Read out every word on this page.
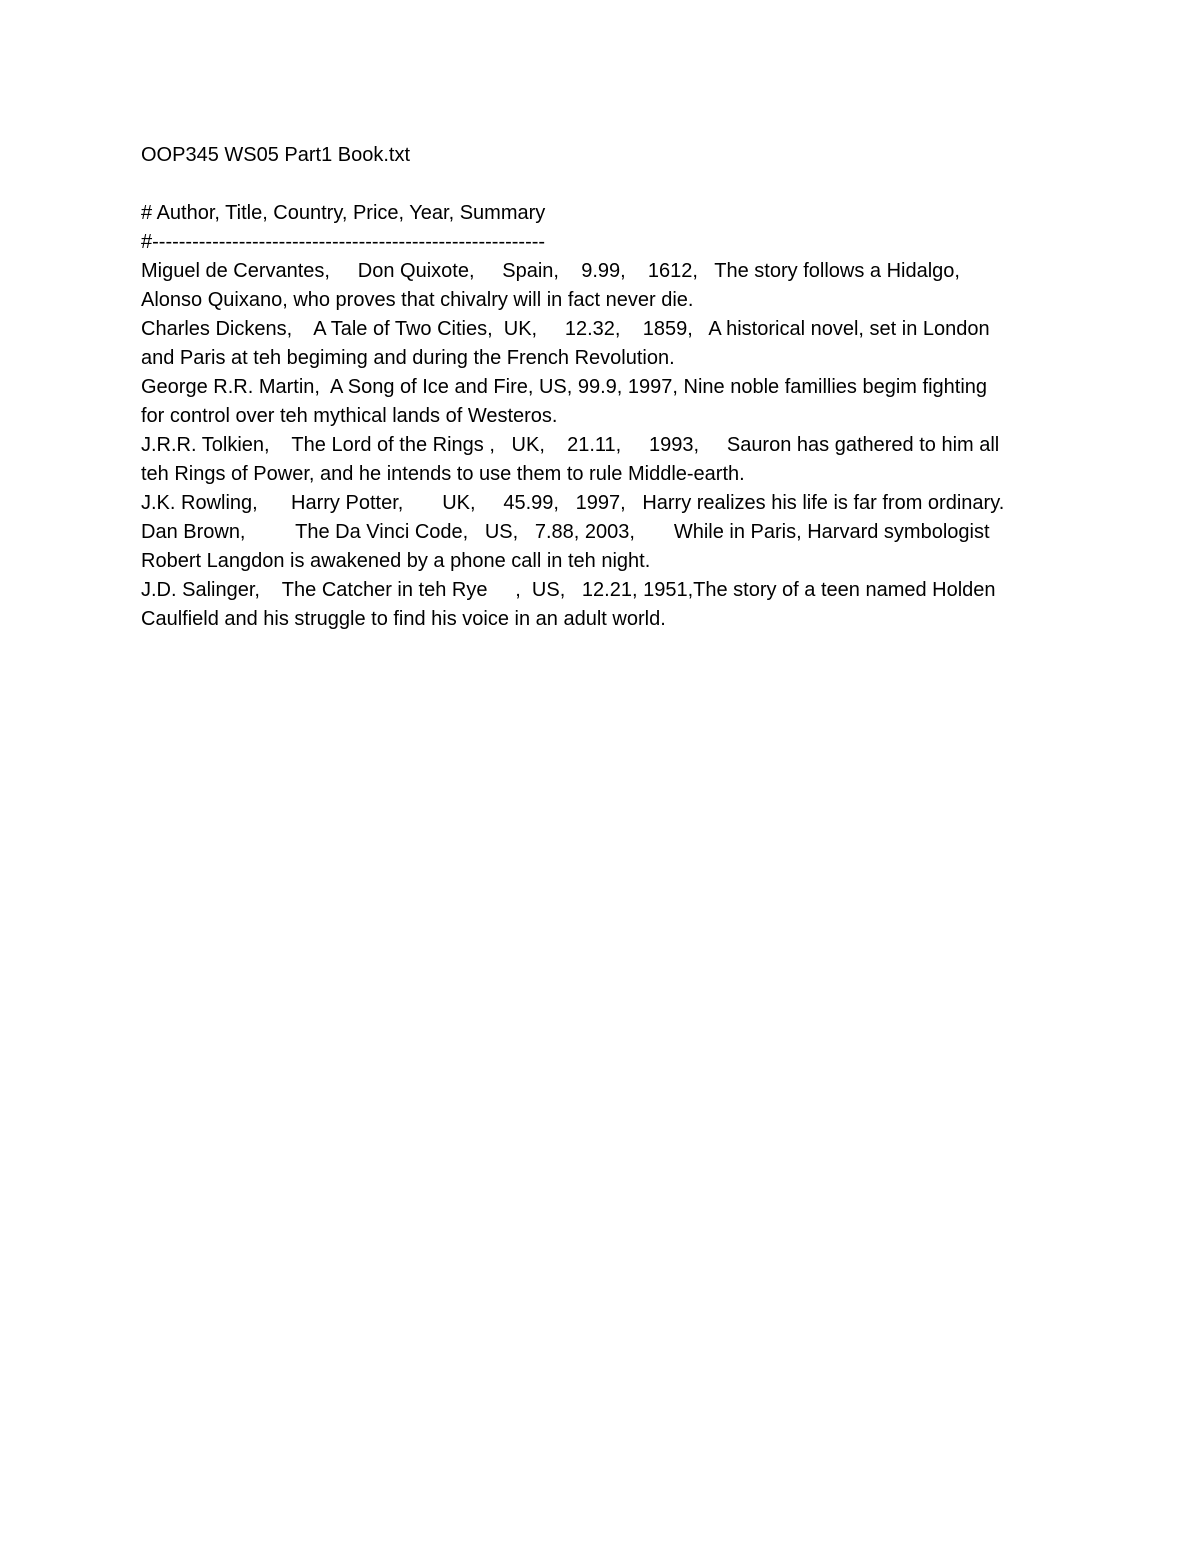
OOP345 WS05 Part1 Book.txt

# Author, Title, Country, Price, Year, Summary

#-----------------------------------------------------------

Miguel de Cervantes,     Don Quixote,     Spain,    9.99,    1612,   The story follows a Hidalgo,

Alonso Quixano, who proves that chivalry will in fact never die.

Charles Dickens,    A Tale of Two Cities,  UK,     12.32,    1859,   A historical novel, set in London

and Paris at teh begiming and during the French Revolution.

George R.R. Martin,  A Song of Ice and Fire, US, 99.9, 1997, Nine noble famillies begim fighting

for control over teh mythical lands of Westeros.

J.R.R. Tolkien,    The Lord of the Rings ,   UK,    21.11,     1993,     Sauron has gathered to him all

teh Rings of Power, and he intends to use them to rule Middle-earth.

J.K. Rowling,      Harry Potter,       UK,     45.99,   1997,   Harry realizes his life is far from ordinary.

Dan Brown,         The Da Vinci Code,   US,   7.88, 2003,       While in Paris, Harvard symbologist

Robert Langdon is awakened by a phone call in teh night.

J.D. Salinger,    The Catcher in teh Rye     ,  US,   12.21, 1951,The story of a teen named Holden

Caulfield and his struggle to find his voice in an adult world.
